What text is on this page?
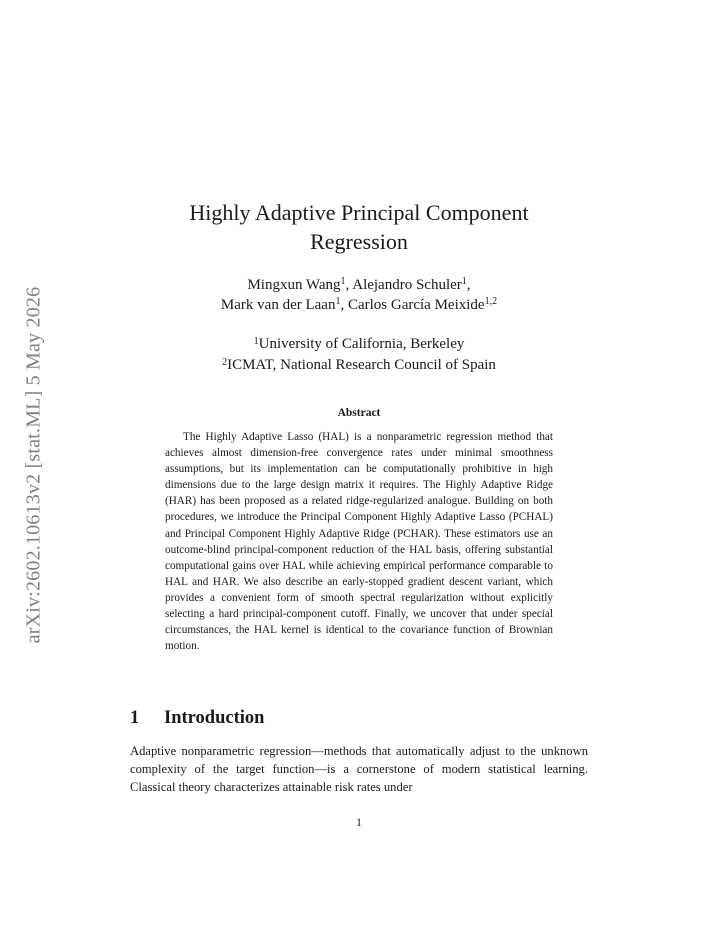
arXiv:2602.10613v2 [stat.ML] 5 May 2026
Highly Adaptive Principal Component
Regression
Mingxun Wang$^1$, Alejandro Schuler$^1$,
Mark van der Laan$^1$, Carlos García Meixide$^{1,2}$
$^1$University of California, Berkeley
$^2$ICMAT, National Research Council of Spain
Abstract
The Highly Adaptive Lasso (HAL) is a nonparametric regression method that achieves almost dimension-free convergence rates under minimal smoothness assumptions, but its implementation can be computationally prohibitive in high dimensions due to the large design matrix it requires. The Highly Adaptive Ridge (HAR) has been proposed as a related ridge-regularized analogue. Building on both procedures, we introduce the Principal Component Highly Adaptive Lasso (PCHAL) and Principal Component Highly Adaptive Ridge (PCHAR). These estimators use an outcome-blind principal-component reduction of the HAL basis, offering substantial computational gains over HAL while achieving empirical performance comparable to HAL and HAR. We also describe an early-stopped gradient descent variant, which provides a convenient form of smooth spectral regularization without explicitly selecting a hard principal-component cutoff. Finally, we uncover that under special circumstances, the HAL kernel is identical to the covariance function of Brownian motion.
1 Introduction
Adaptive nonparametric regression—methods that automatically adjust to the unknown complexity of the target function—is a cornerstone of modern statistical learning. Classical theory characterizes attainable risk rates under
1
